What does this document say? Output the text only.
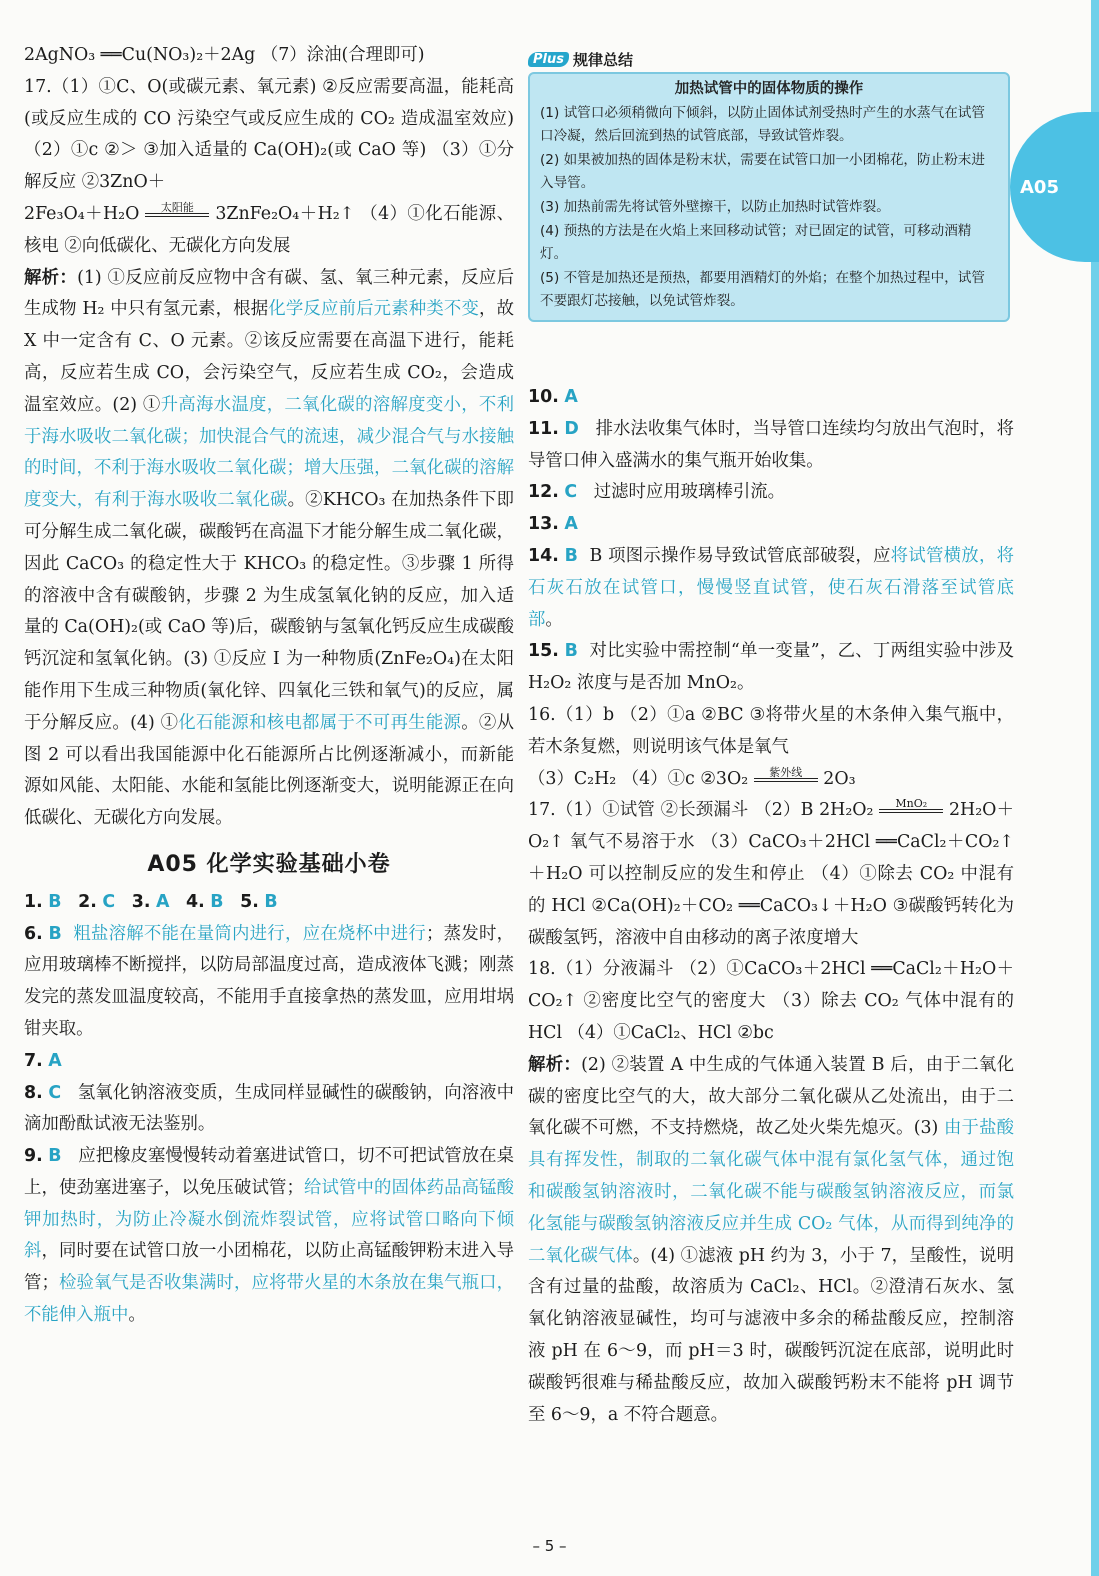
A05

2AgNO₃ ══Cu(NO₃)₂＋2Ag （7）涂油(合理即可)

17.（1）①C、O(或碳元素、氧元素) ②反应需要高温，能耗高(或反应生成的 CO 污染空气或反应生成的 CO₂ 造成温室效应) （2）①c ②＞ ③加入适量的 Ca(OH)₂(或 CaO 等) （3）①分解反应 ②3ZnO＋

2Fe₃O₄＋H₂O	太阳能	3ZnFe₂O₄＋H₂↑ （4）①化石能源、核电 ②向低碳化、无碳化方向发展

解析：(1) ①反应前反应物中含有碳、氢、氧三种元素，反应后生成物 H₂ 中只有氢元素，根据化学反应前后元素种类不变，故 X 中一定含有 C、O 元素。②该反应需要在高温下进行，能耗高，反应若生成 CO，会污染空气，反应若生成 CO₂，会造成温室效应。(2) ①升高海水温度，二氧化碳的溶解度变小，不利于海水吸收二氧化碳；加快混合气的流速，减少混合气与水接触的时间，不利于海水吸收二氧化碳；增大压强，二氧化碳的溶解度变大，有利于海水吸收二氧化碳。②KHCO₃ 在加热条件下即可分解生成二氧化碳，碳酸钙在高温下才能分解生成二氧化碳，因此 CaCO₃ 的稳定性大于 KHCO₃ 的稳定性。③步骤 1 所得的溶液中含有碳酸钠，步骤 2 为生成氢氧化钠的反应，加入适量的 Ca(OH)₂(或 CaO 等)后，碳酸钠与氢氧化钙反应生成碳酸钙沉淀和氢氧化钠。(3) ①反应 Ⅰ 为一种物质(ZnFe₂O₄)在太阳能作用下生成三种物质(氧化锌、四氧化三铁和氧气)的反应，属于分解反应。(4) ①化石能源和核电都属于不可再生能源。②从图 2 可以看出我国能源中化石能源所占比例逐渐减小，而新能源如风能、太阳能、水能和氢能比例逐渐变大，说明能源正在向低碳化、无碳化方向发展。

A05 化学实验基础小卷

1. B 2. C 3. A 4. B 5. B

6. B 粗盐溶解不能在量筒内进行，应在烧杯中进行；蒸发时，应用玻璃棒不断搅拌，以防局部温度过高，造成液体飞溅；刚蒸发完的蒸发皿温度较高，不能用手直接拿热的蒸发皿，应用坩埚钳夹取。

7. A

8. C 氢氧化钠溶液变质，生成同样显碱性的碳酸钠，向溶液中滴加酚酞试液无法鉴别。

9. B 应把橡皮塞慢慢转动着塞进试管口，切不可把试管放在桌上，使劲塞进塞子，以免压破试管；给试管中的固体药品高锰酸钾加热时，为防止冷凝水倒流炸裂试管，应将试管口略向下倾斜，同时要在试管口放一小团棉花，以防止高锰酸钾粉末进入导管；检验氧气是否收集满时，应将带火星的木条放在集气瓶口，不能伸入瓶中。

Plus 规律总结
加热试管中的固体物质的操作

(1) 试管口必须稍微向下倾斜，以防止固体试剂受热时产生的水蒸气在试管口冷凝，然后回流到热的试管底部，导致试管炸裂。

(2) 如果被加热的固体是粉末状，需要在试管口加一小团棉花，防止粉末进入导管。

(3) 加热前需先将试管外壁擦干，以防止加热时试管炸裂。

(4) 预热的方法是在火焰上来回移动试管；对已固定的试管，可移动酒精灯。

(5) 不管是加热还是预热，都要用酒精灯的外焰；在整个加热过程中，试管不要跟灯芯接触，以免试管炸裂。

10. A

11. D 排水法收集气体时，当导管口连续均匀放出气泡时，将导管口伸入盛满水的集气瓶开始收集。

12. C 过滤时应用玻璃棒引流。

13. A

14. B B 项图示操作易导致试管底部破裂，应将试管横放，将石灰石放在试管口，慢慢竖直试管，使石灰石滑落至试管底部。

15. B 对比实验中需控制“单一变量”，乙、丁两组实验中涉及 H₂O₂ 浓度与是否加 MnO₂。

16.（1）b （2）①a ②BC ③将带火星的木条伸入集气瓶中，若木条复燃，则说明该气体是氧气

（3）C₂H₂ （4）①c ②3O₂	紫外线	2O₃

17.（1）①试管 ②长颈漏斗 （2）B 2H₂O₂	MnO₂	2H₂O＋O₂↑ 氧气不易溶于水 （3）CaCO₃＋2HCl ══CaCl₂＋CO₂↑＋H₂O 可以控制反应的发生和停止 （4）①除去 CO₂ 中混有的 HCl ②Ca(OH)₂＋CO₂ ══CaCO₃↓＋H₂O ③碳酸钙转化为碳酸氢钙，溶液中自由移动的离子浓度增大

18.（1）分液漏斗 （2）①CaCO₃＋2HCl ══CaCl₂＋H₂O＋CO₂↑ ②密度比空气的密度大 （3）除去 CO₂ 气体中混有的 HCl （4）①CaCl₂、HCl ②bc

解析：(2) ②装置 A 中生成的气体通入装置 B 后，由于二氧化碳的密度比空气的大，故大部分二氧化碳从乙处流出，由于二氧化碳不可燃，不支持燃烧，故乙处火柴先熄灭。(3) 由于盐酸具有挥发性，制取的二氧化碳气体中混有氯化氢气体，通过饱和碳酸氢钠溶液时，二氧化碳不能与碳酸氢钠溶液反应，而氯化氢能与碳酸氢钠溶液反应并生成 CO₂ 气体，从而得到纯净的二氧化碳气体。(4) ①滤液 pH 约为 3，小于 7，呈酸性，说明含有过量的盐酸，故溶质为 CaCl₂、HCl。②澄清石灰水、氢氧化钠溶液显碱性，均可与滤液中多余的稀盐酸反应，控制溶液 pH 在 6～9，而 pH＝3 时，碳酸钙沉淀在底部，说明此时碳酸钙很难与稀盐酸反应，故加入碳酸钙粉末不能将 pH 调节至 6～9，a 不符合题意。

– 5 –
